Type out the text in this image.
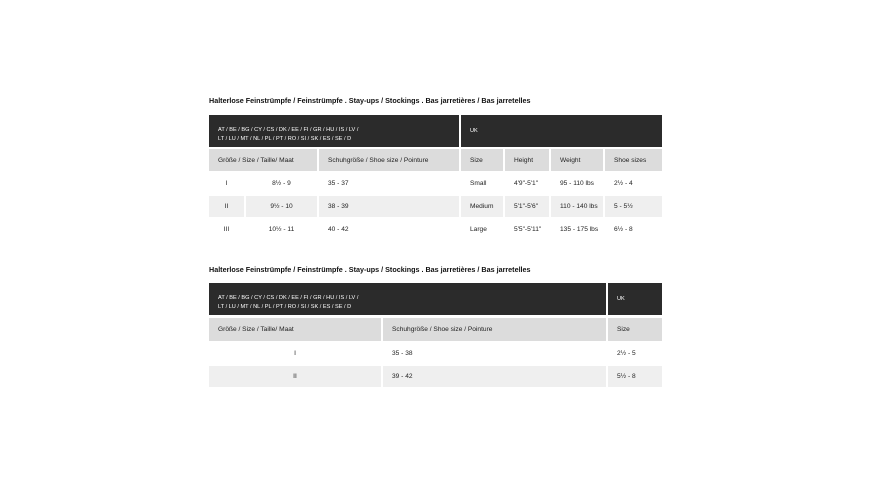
Halterlose Feinstrümpfe / Feinstrümpfe . Stay-ups / Stockings . Bas jarretières / Bas jarretelles
AT / BE / BG / CY / CS / DK / EE / FI / GR / HU / IS / LV /
LT / LU / MT / NL / PL / PT / RO / SI / SK / ES / SE / D
UK
Größe / Size / Taille/ Maat	Schuhgröße / Shoe size / Pointure	Size	Height	Weight	Shoe sizes
I	8½ - 9	35 - 37	Small	4'9"-5'1"	95 - 110 lbs	2½ - 4
II	9½ - 10	38 - 39	Medium	5'1"-5'6"	110 - 140 lbs	5 - 5½
III	10½ - 11	40 - 42	Large	5'5"-5'11"	135 - 175 lbs	6½ - 8
Halterlose Feinstrümpfe / Feinstrümpfe . Stay-ups / Stockings . Bas jarretières / Bas jarretelles
AT / BE / BG / CY / CS / DK / EE / FI / GR / HU / IS / LV /
LT / LU / MT / NL / PL / PT / RO / SI / SK / ES / SE / D
UK
Größe / Size / Taille/ Maat	Schuhgröße / Shoe size / Pointure	Size
I	35 - 38	2½ - 5
II	39 - 42	5½ - 8
